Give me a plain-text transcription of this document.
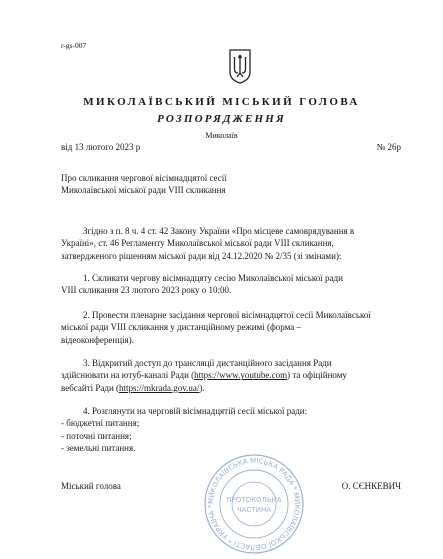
r-gs-007
МИКОЛАЇВСЬКИЙ МІСЬКИЙ ГОЛОВА
РОЗПОРЯДЖЕННЯ
Миколаїв
від 13 лютого 2023 р	№ 26р
Про скликання чергової вісімнадцятої сесії
Миколаївської міської ради VIII скликання
Згідно з п. 8 ч. 4 ст. 42 Закону України «Про місцеве самоврядування в
Україні», ст. 46 Регламенту Миколаївської міської ради VIII скликання,
затвердженого рішенням міської ради від 24.12.2020 № 2/35 (зі змінами):
1. Скликати чергову вісімнадцяту сесію Миколаївської міської ради
VIII скликання 23 лютого 2023 року о 10:00.
2. Провести пленарне засідання чергової вісімнадцятої сесії Миколаївської
міської ради VIII скликання у дистанційному режимі (форма –
відеоконференція).
3. Відкритий доступ до трансляції дистанційного засідання Ради
здійснювати на ютуб-каналі Ради (https://www.youtube.com) та офіційному
вебсайті Ради (https://mkrada.gov.ua/).
4. Розглянути на черговій вісімнадцятій сесії міської ради:
- бюджетні питання;
- поточні питання;
- земельні питання.
МИКОЛАЇВСЬКА МІСЬКА РАДА * МИКОЛАЇВСЬКОЇ ОБЛАСТІ * УКРАЇНА *
ПРОТОКОЛЬНА
ЧАСТИНА
Міський голова	О. СЄНКЕВИЧ
